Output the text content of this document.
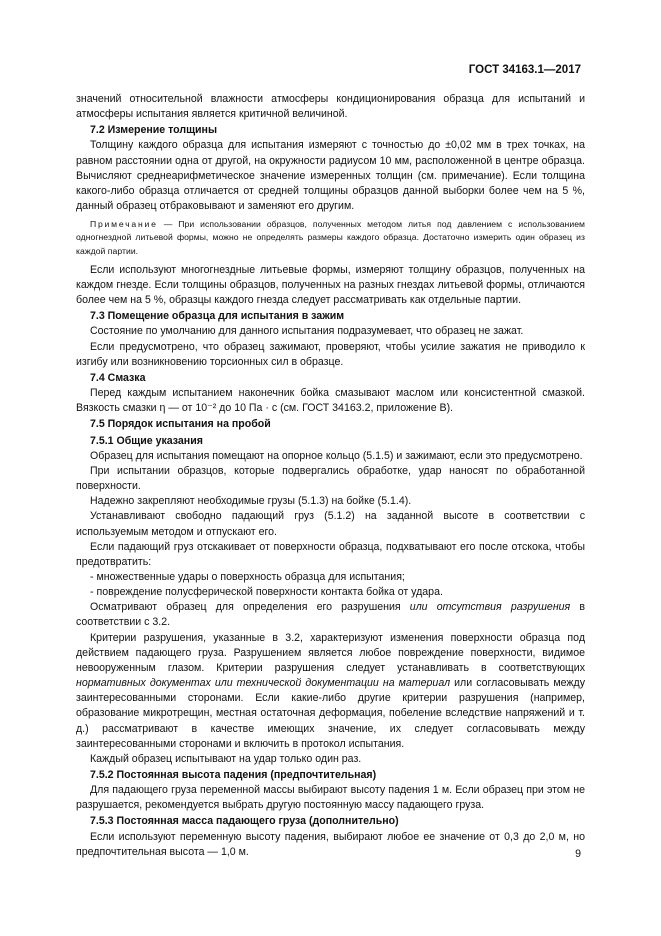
ГОСТ 34163.1—2017

значений относительной влажности атмосферы кондиционирования образца для испытаний и атмосферы испытания является критичной величиной.

7.2 Измерение толщины

Толщину каждого образца для испытания измеряют с точностью до ±0,02 мм в трех точках, на равном расстоянии одна от другой, на окружности радиусом 10 мм, расположенной в центре образца. Вычисляют среднеарифметическое значение измеренных толщин (см. примечание). Если толщина какого-либо образца отличается от средней толщины образцов данной выборки более чем на 5 %, данный образец отбраковывают и заменяют его другим.

Примечание — При использовании образцов, полученных методом литья под давлением с использованием одногнездной литьевой формы, можно не определять размеры каждого образца. Достаточно измерить один образец из каждой партии.

Если используют многогнездные литьевые формы, измеряют толщину образцов, полученных на каждом гнезде. Если толщины образцов, полученных на разных гнездах литьевой формы, отличаются более чем на 5 %, образцы каждого гнезда следует рассматривать как отдельные партии.

7.3 Помещение образца для испытания в зажим

Состояние по умолчанию для данного испытания подразумевает, что образец не зажат.

Если предусмотрено, что образец зажимают, проверяют, чтобы усилие зажатия не приводило к изгибу или возникновению торсионных сил в образце.

7.4 Смазка

Перед каждым испытанием наконечник бойка смазывают маслом или консистентной смазкой. Вязкость смазки η — от 10⁻² до 10 Па · с (см. ГОСТ 34163.2, приложение В).

7.5 Порядок испытания на пробой
7.5.1 Общие указания

Образец для испытания помещают на опорное кольцо (5.1.5) и зажимают, если это предусмотрено.

При испытании образцов, которые подвергались обработке, удар наносят по обработанной поверхности.

Надежно закрепляют необходимые грузы (5.1.3) на бойке (5.1.4).

Устанавливают свободно падающий груз (5.1.2) на заданной высоте в соответствии с используемым методом и отпускают его.

Если падающий груз отскакивает от поверхности образца, подхватывают его после отскока, чтобы предотвратить:

- множественные удары о поверхность образца для испытания;

- повреждение полусферической поверхности контакта бойка от удара.

Осматривают образец для определения его разрушения или отсутствия разрушения в соответствии с 3.2.

Критерии разрушения, указанные в 3.2, характеризуют изменения поверхности образца под действием падающего груза. Разрушением является любое повреждение поверхности, видимое невооруженным глазом. Критерии разрушения следует устанавливать в соответствующих нормативных документах или технической документации на материал или согласовывать между заинтересованными сторонами. Если какие-либо другие критерии разрушения (например, образование микротрещин, местная остаточная деформация, побеление вследствие напряжений и т. д.) рассматривают в качестве имеющих значение, их следует согласовывать между заинтересованными сторонами и включить в протокол испытания.

Каждый образец испытывают на удар только один раз.

7.5.2 Постоянная высота падения (предпочтительная)

Для падающего груза переменной массы выбирают высоту падения 1 м. Если образец при этом не разрушается, рекомендуется выбрать другую постоянную массу падающего груза.

7.5.3 Постоянная масса падающего груза (дополнительно)

Если используют переменную высоту падения, выбирают любое ее значение от 0,3 до 2,0 м, но предпочтительная высота — 1,0 м.	9
